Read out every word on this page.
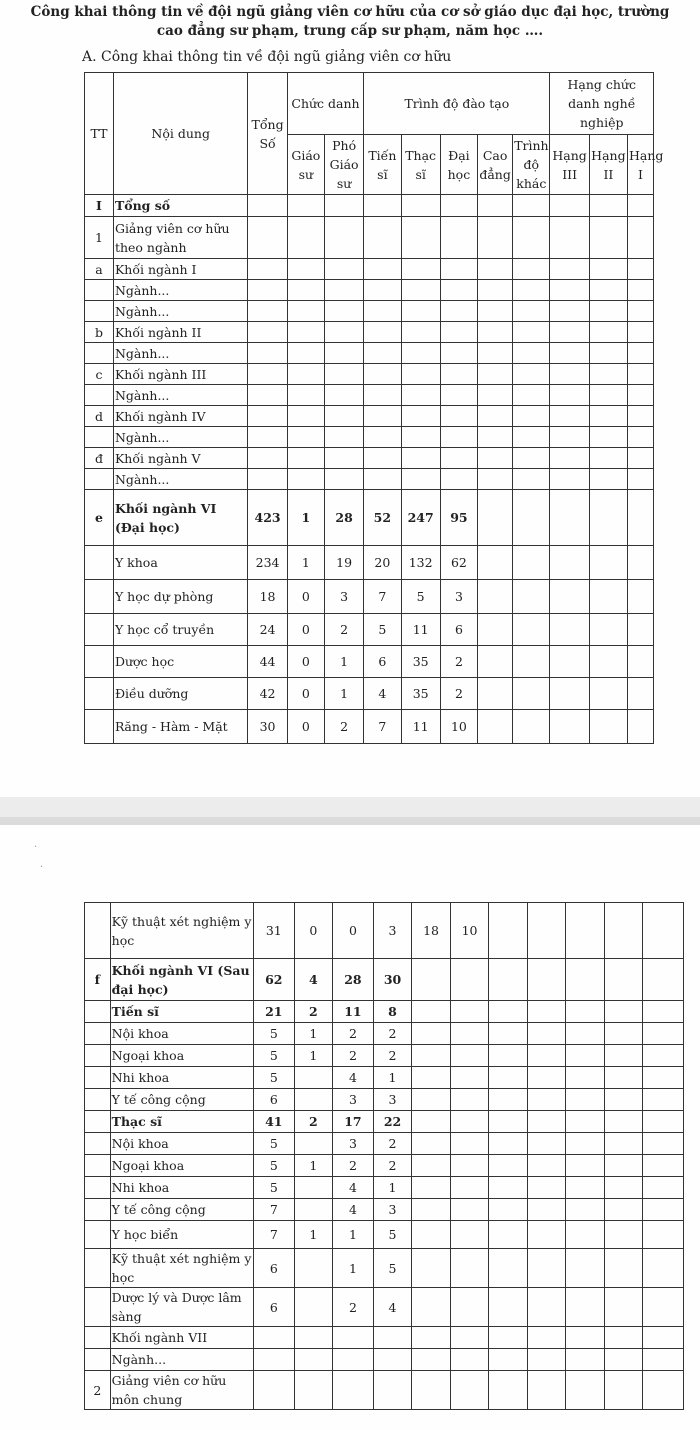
Công khai thông tin về đội ngũ giảng viên cơ hữu của cơ sở giáo dục đại học, trường
cao đẳng sư phạm, trung cấp sư phạm, năm học ….
A. Công khai thông tin về đội ngũ giảng viên cơ hữu
TT	Nội dung	Tổng Số	Chức danh		Trình độ đào tạo					Hạng chức danh nghề nghiệp		
			Giáo sư	Phó Giáo sư	Tiến sĩ	Thạc sĩ	Đại học	Cao đẳng	Trình độ khác	Hạng III	Hạng II	Hạng I
I	Tổng số											
1	Giảng viên cơ hữu theo ngành											
a	Khối ngành I											
	Ngành...											
	Ngành...											
b	Khối ngành II											
	Ngành...											
c	Khối ngành III											
	Ngành...											
d	Khối ngành IV											
	Ngành...											
đ	Khối ngành V											
	Ngành...											
e	Khối ngành VI (Đại học)	423	1	28	52	247	95					
	Y khoa	234	1	19	20	132	62					
	Y học dự phòng	18	0	3	7	5	3					
	Y học cổ truyền	24	0	2	5	11	6					
	Dược học	44	0	1	6	35	2					
	Điều dưỡng	42	0	1	4	35	2					
	Răng - Hàm - Mặt	30	0	2	7	11	10					
·
·
	Kỹ thuật xét nghiệm y học	31	0	0	3	18	10					
f	Khối ngành VI (Sau đại học)	62	4	28	30							
	Tiến sĩ	21	2	11	8							
	Nội khoa	5	1	2	2							
	Ngoại khoa	5	1	2	2							
	Nhi khoa	5		4	1							
	Y tế công cộng	6		3	3							
	Thạc sĩ	41	2	17	22							
	Nội khoa	5		3	2							
	Ngoại khoa	5	1	2	2							
	Nhi khoa	5		4	1							
	Y tế công cộng	7		4	3							
	Y học biển	7	1	1	5							
	Kỹ thuật xét nghiệm y học	6		1	5							
	Dược lý và Dược lâm sàng	6		2	4							
	Khối ngành VII											
	Ngành...											
2	Giảng viên cơ hữu môn chung											
